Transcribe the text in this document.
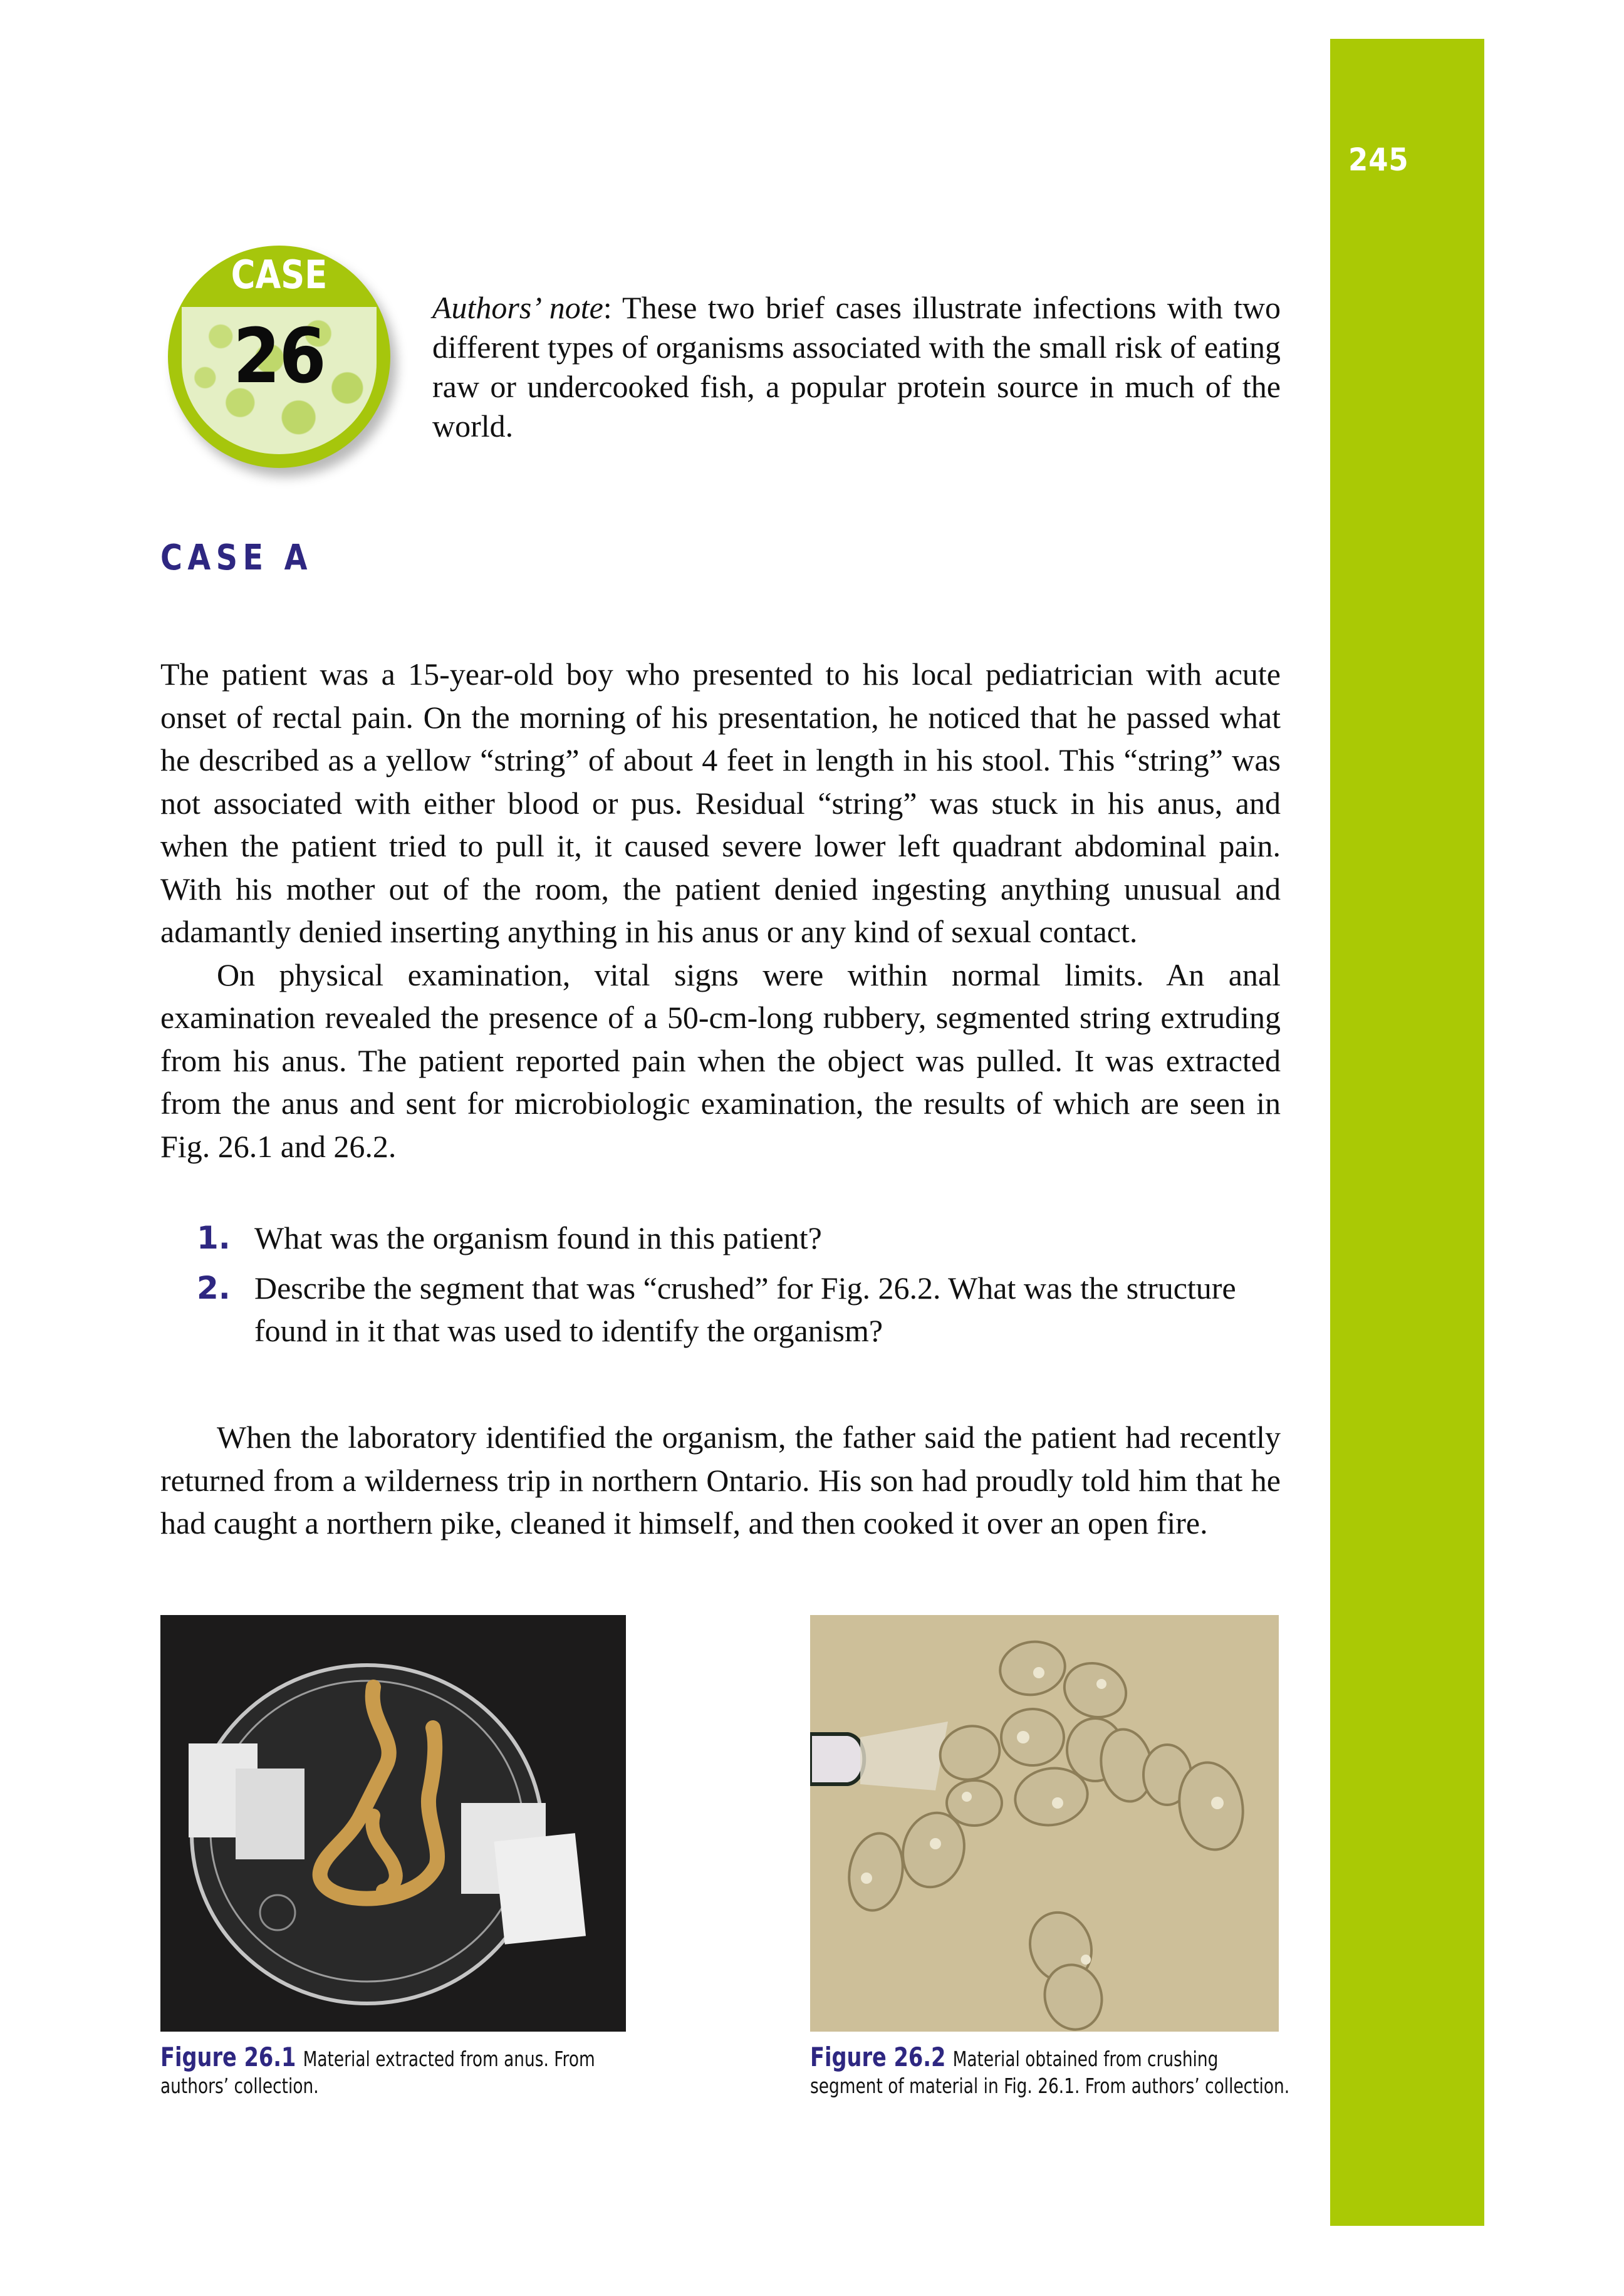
245
CASE
26
Authors’ note: These two brief cases illustrate infections with two different types of organisms associated with the small risk of eating raw or undercooked fish, a popular protein source in much of the world.
CASE A

The patient was a 15-year-old boy who presented to his local pediatrician with acute onset of rectal pain. On the morning of his presentation, he noticed that he passed what he described as a yellow “string” of about 4 feet in length in his stool. This “string” was not associated with either blood or pus. Residual “string” was stuck in his anus, and when the patient tried to pull it, it caused severe lower left quadrant abdominal pain. With his mother out of the room, the patient denied ingesting anything unusual and adamantly denied inserting anything in his anus or any kind of sexual contact.

On physical examination, vital signs were within normal limits. An anal examination revealed the presence of a 50-cm-long rubbery, segmented string extruding from his anus. The patient reported pain when the object was pulled. It was extracted from the anus and sent for microbiologic examination, the results of which are seen in Fig. 26.1 and 26.2.

1. What was the organism found in this patient?
2. Describe the segment that was “crushed” for Fig. 26.2. What was the structure found in it that was used to identify the organism?

When the laboratory identified the organism, the father said the patient had recently returned from a wilderness trip in northern Ontario. His son had proudly told him that he had caught a northern pike, cleaned it himself, and then cooked it over an open fire.

Figure 26.1 Material extracted from anus. From authors’ collection.
Figure 26.2 Material obtained from crushing segment of material in Fig. 26.1. From authors’ collection.
